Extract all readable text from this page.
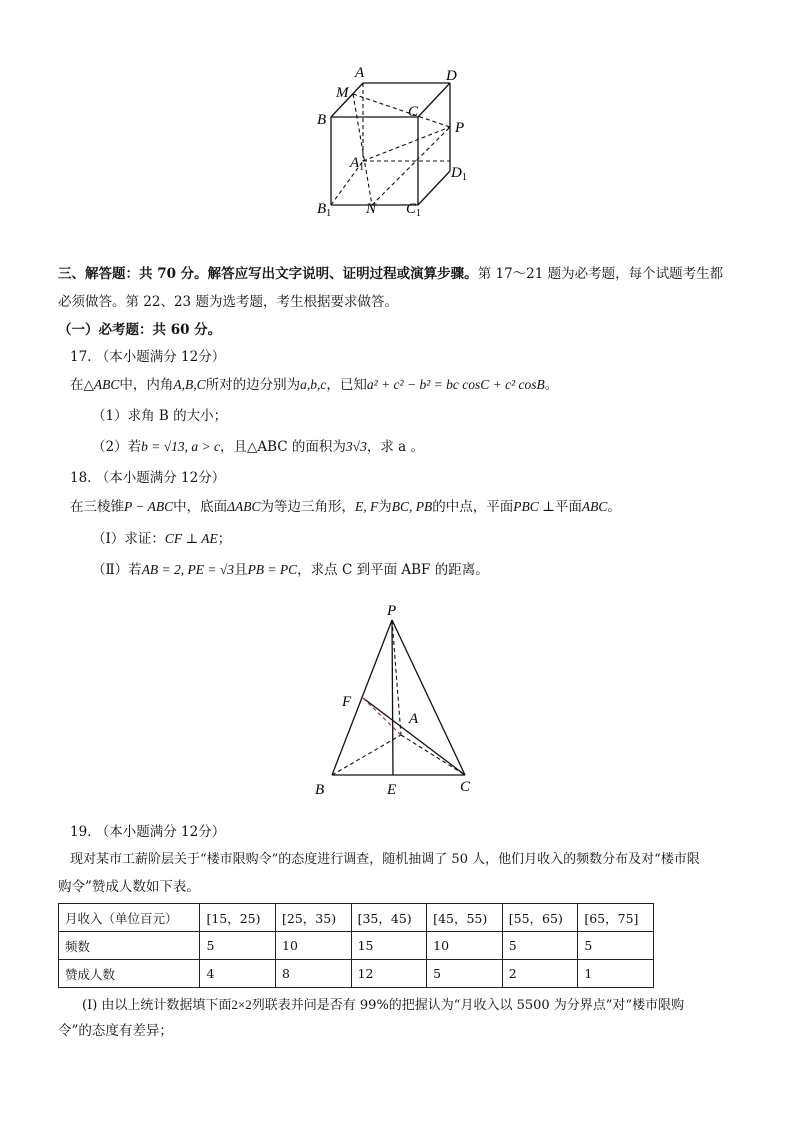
A	D
M
B	C
P
$A_1$	$D_1$
$B_1$ N $C_1$
三、解答题：共 70 分。解答应写出文字说明、证明过程或演算步骤。第 17～21 题为必考题，每个试题考生都
必须做答。第 22、23 题为选考题，考生根据要求做答。
（一）必考题：共 60 分。
17. （本小题满分 12分）
在△ABC中，内角A,B,C所对的边分别为a,b,c，已知a² + c² − b² = bc cosC + c² cosB。
（1）求角 B 的大小；
（2）若b = √13, a > c，且△ABC 的面积为3√3，求 a 。
18. （本小题满分 12分）
在三棱锥P − ABC中，底面ΔABC为等边三角形，E, F为BC, PB的中点，平面PBC ⊥平面ABC。
（Ⅰ）求证：CF ⊥ AE；
（Ⅱ）若AB = 2, PE = √3且PB = PC，求点 C 到平面 ABF 的距离。
P
F
A
B	E	C
19. （本小题满分 12分）
现对某市工薪阶层关于“楼市限购令”的态度进行调查，随机抽调了 50 人，他们月收入的频数分布及对“楼市限
购令”赞成人数如下表。
月收入（单位百元）	[15，25)	[25，35)	[35，45)	[45，55)	[55，65)	[65，75]
频数	5	10	15	10	5	5
赞成人数	4	8	12	5	2	1
(I) 由以上统计数据填下面2×2列联表并问是否有 99%的把握认为“月收入以 5500 为分界点”对“楼市限购
令”的态度有差异；
